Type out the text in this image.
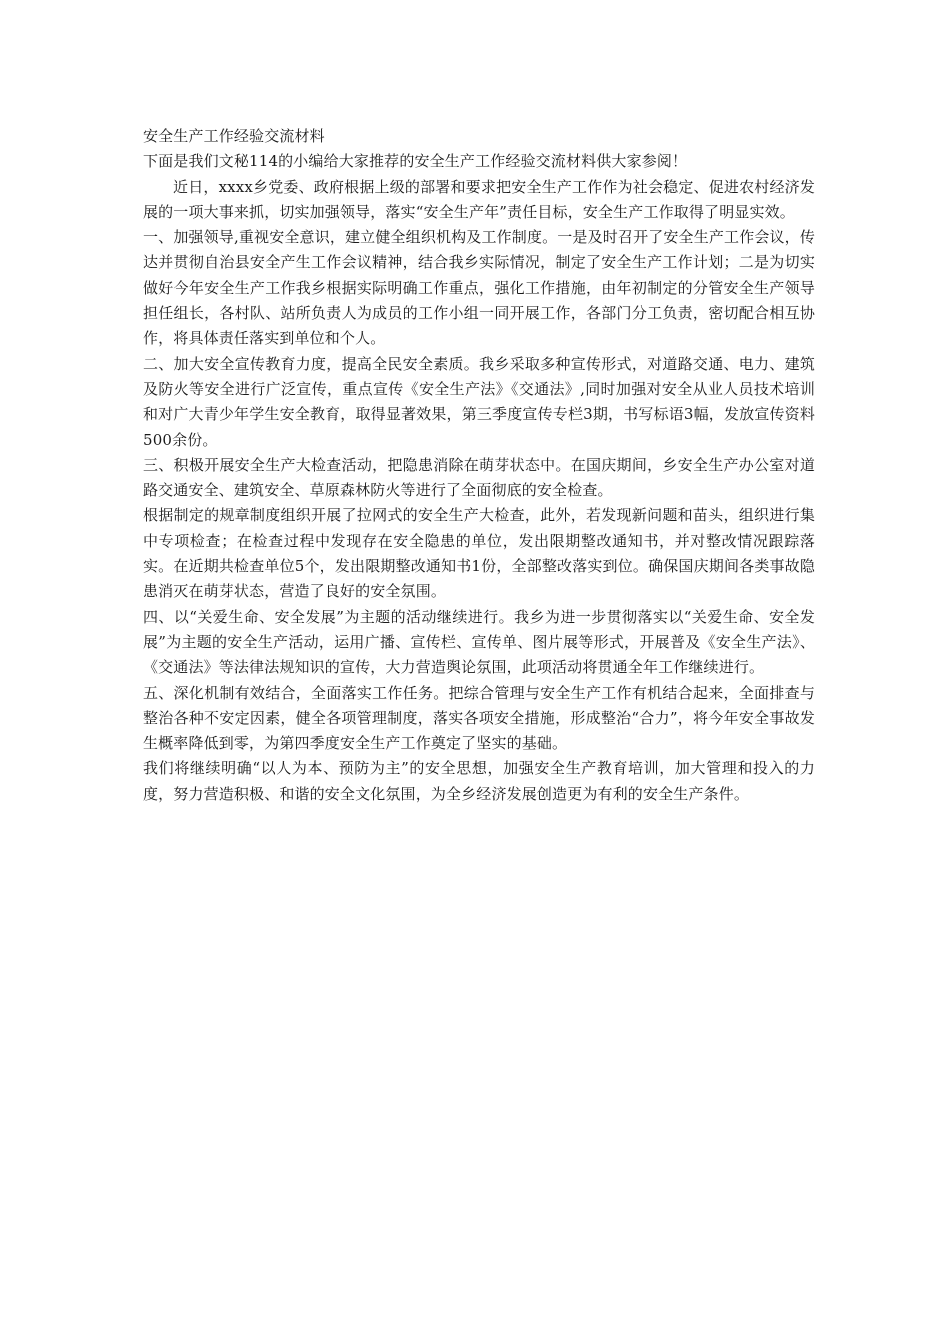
安全生产工作经验交流材料

下面是我们文秘114的小编给大家推荐的安全生产工作经验交流材料供大家参阅！

近日，xxxx乡党委、政府根据上级的部署和要求把安全生产工作作为社会稳定、促进农村经济发展的一项大事来抓，切实加强领导，落实“安全生产年”责任目标，安全生产工作取得了明显实效。

一、加强领导,重视安全意识，建立健全组织机构及工作制度。一是及时召开了安全生产工作会议，传达并贯彻自治县安全产生工作会议精神，结合我乡实际情况，制定了安全生产工作计划；二是为切实做好今年安全生产工作我乡根据实际明确工作重点，强化工作措施，由年初制定的分管安全生产领导担任组长，各村队、站所负责人为成员的工作小组一同开展工作，各部门分工负责，密切配合相互协作，将具体责任落实到单位和个人。

二、加大安全宣传教育力度，提高全民安全素质。我乡采取多种宣传形式，对道路交通、电力、建筑及防火等安全进行广泛宣传，重点宣传《安全生产法》《交通法》,同时加强对安全从业人员技术培训和对广大青少年学生安全教育，取得显著效果，第三季度宣传专栏3期，书写标语3幅，发放宣传资料500余份。

三、积极开展安全生产大检查活动，把隐患消除在萌芽状态中。在国庆期间，乡安全生产办公室对道路交通安全、建筑安全、草原森林防火等进行了全面彻底的安全检查。

根据制定的规章制度组织开展了拉网式的安全生产大检查，此外，若发现新问题和苗头，组织进行集中专项检查；在检查过程中发现存在安全隐患的单位，发出限期整改通知书，并对整改情况跟踪落实。在近期共检查单位5个，发出限期整改通知书1份，全部整改落实到位。确保国庆期间各类事故隐患消灭在萌芽状态，营造了良好的安全氛围。

四、以“关爱生命、安全发展”为主题的活动继续进行。我乡为进一步贯彻落实以“关爱生命、安全发展”为主题的安全生产活动，运用广播、宣传栏、宣传单、图片展等形式，开展普及《安全生产法》、《交通法》等法律法规知识的宣传，大力营造舆论氛围，此项活动将贯通全年工作继续进行。

五、深化机制有效结合，全面落实工作任务。把综合管理与安全生产工作有机结合起来，全面排查与整治各种不安定因素，健全各项管理制度，落实各项安全措施，形成整治“合力”，将今年安全事故发生概率降低到零，为第四季度安全生产工作奠定了坚实的基础。

我们将继续明确“以人为本、预防为主”的安全思想，加强安全生产教育培训，加大管理和投入的力度，努力营造积极、和谐的安全文化氛围，为全乡经济发展创造更为有利的安全生产条件。
